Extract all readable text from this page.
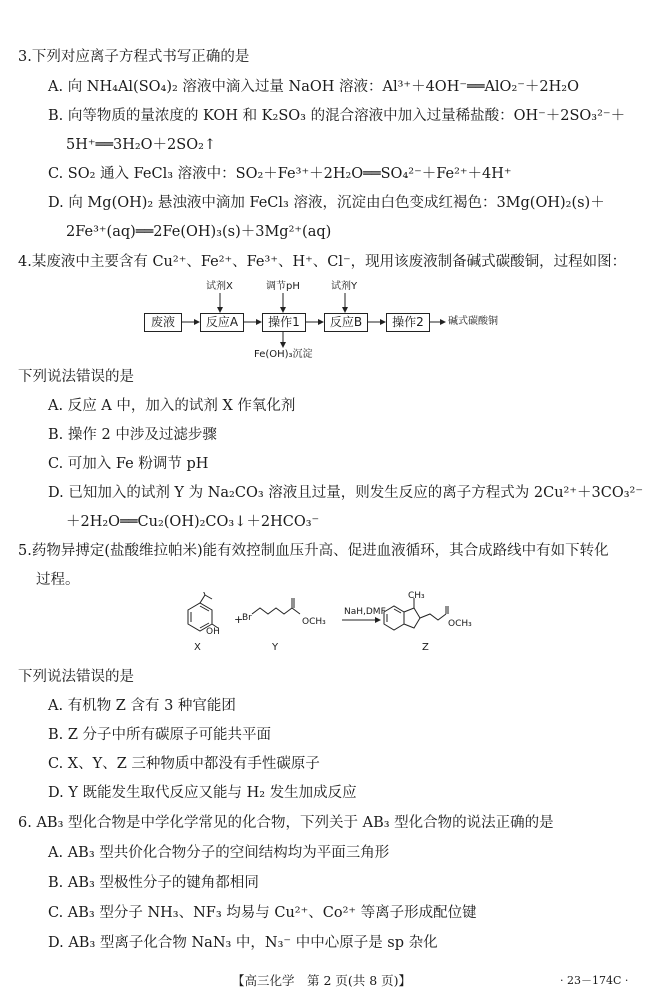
3.下列对应离子方程式书写正确的是
A. 向 NH₄Al(SO₄)₂ 溶液中滴入过量 NaOH 溶液：Al³⁺＋4OH⁻══AlO₂⁻＋2H₂O
B. 向等物质的量浓度的 KOH 和 K₂SO₃ 的混合溶液中加入过量稀盐酸：OH⁻＋2SO₃²⁻＋
5H⁺══3H₂O＋2SO₂↑
C. SO₂ 通入 FeCl₃ 溶液中：SO₂＋Fe³⁺＋2H₂O══SO₄²⁻＋Fe²⁺＋4H⁺
D. 向 Mg(OH)₂ 悬浊液中滴加 FeCl₃ 溶液，沉淀由白色变成红褐色：3Mg(OH)₂(s)＋
2Fe³⁺(aq)══2Fe(OH)₃(s)＋3Mg²⁺(aq)
4.某废液中主要含有 Cu²⁺、Fe²⁺、Fe³⁺、H⁺、Cl⁻，现用该废液制备碱式碳酸铜，过程如图：
试剂X	调节pH	试剂Y
废液	反应A	操作1	反应B	操作2	碱式碳酸铜
Fe(OH)₃沉淀
下列说法错误的是
A. 反应 A 中，加入的试剂 X 作氧化剂
B. 操作 2 中涉及过滤步骤
C. 可加入 Fe 粉调节 pH
D. 已知加入的试剂 Y 为 Na₂CO₃ 溶液且过量，则发生反应的离子方程式为 2Cu²⁺＋3CO₃²⁻
＋2H₂O══Cu₂(OH)₂CO₃↓＋2HCO₃⁻
5.药物异搏定(盐酸维拉帕米)能有效控制血压升高、促进血液循环，其合成路线中有如下转化
过程。
+
Br
OH
OCH₃
NaH,DMF
CH₃
OCH₃
X	Y	Z
下列说法错误的是
A. 有机物 Z 含有 3 种官能团
B. Z 分子中所有碳原子可能共平面
C. X、Y、Z 三种物质中都没有手性碳原子
D. Y 既能发生取代反应又能与 H₂ 发生加成反应
6. AB₃ 型化合物是中学化学常见的化合物，下列关于 AB₃ 型化合物的说法正确的是
A. AB₃ 型共价化合物分子的空间结构均为平面三角形
B. AB₃ 型极性分子的键角都相同
C. AB₃ 型分子 NH₃、NF₃ 均易与 Cu²⁺、Co²⁺ 等离子形成配位键
D. AB₃ 型离子化合物 NaN₃ 中，N₃⁻ 中中心原子是 sp 杂化
【高三化学　第 2 页(共 8 页)】	· 23－174C ·
